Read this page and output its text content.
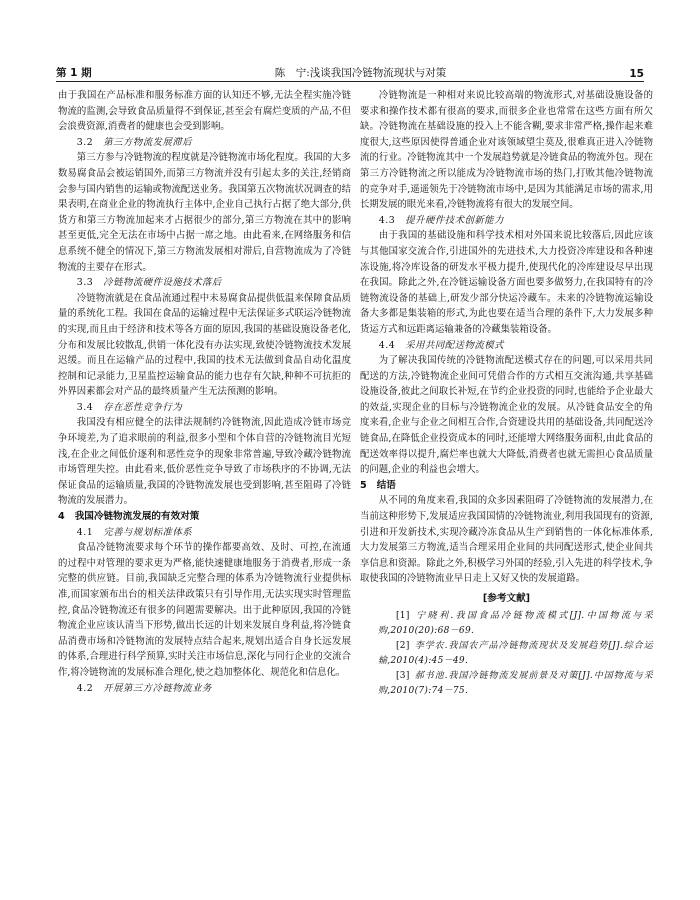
第 1 期	陈　宁:浅谈我国冷链物流现状与对策	15

由于我国在产品标准和服务标准方面的认知还不够,无法全程实施冷链物流的监测,会导致食品质量得不到保证,甚至会有腐烂变质的产品,不但会浪费资源,消费者的健康也会受到影响。

3.2 第三方物流发展滞后

第三方参与冷链物流的程度就是冷链物流市场化程度。我国的大多数易腐食品会被运销国外,而第三方物流并没有引起太多的关注,经销商会参与国内销售的运输或物流配送业务。我国第五次物流状况调查的结果表明,在商业企业的物流执行主体中,企业自己执行占据了绝大部分,供货方和第三方物流加起来才占据很少的部分,第三方物流在其中的影响甚至更低,完全无法在市场中占据一席之地。由此看来,在网络服务和信息系统不健全的情况下,第三方物流发展相对滞后,自营物流成为了冷链物流的主要存在形式。

3.3 冷链物流硬件设施技术落后

冷链物流就是在食品流通过程中未易腐食品提供低温来保障食品质量的系统化工程。我国在食品的运输过程中无法保证多式联运冷链物流的实现,而且由于经济和技术等各方面的原因,我国的基础设施设备老化,分布和发展比较散乱,供销一体化没有办法实现,致使冷链物流技术发展迟缓。而且在运输产品的过程中,我国的技术无法做到食品自动化温度控制和记录能力,卫星监控运输食品的能力也存有欠缺,种种不可抗拒的外界因素都会对产品的最终质量产生无法预测的影响。

3.4 存在恶性竞争行为

我国没有相应健全的法律法规制约冷链物流,因此造成冷链市场竞争环境差,为了追求眼前的利益,很多小型和个体自营的冷链物流目光短浅,在企业之间低价逐利和恶性竞争的现象非常普遍,导致冷藏冷链物流市场管理失控。由此看来,低价恶性竞争导致了市场秩序的不协调,无法保证食品的运输质量,我国的冷链物流发展也受到影响,甚至阻碍了冷链物流的发展潜力。

4 我国冷链物流发展的有效对策

4.1 完善与规划标准体系

食品冷链物流要求每个环节的操作都要高效、及时、可控,在流通的过程中对管理的要求更为严格,能快速健康地服务于消费者,形成一条完整的供应链。目前,我国缺乏完整合理的体系为冷链物流行业提供标准,而国家颁布出台的相关法律政策只有引导作用,无法实现实时管理监控,食品冷链物流还有很多的问题需要解决。出于此种原因,我国的冷链物流企业应该认清当下形势,做出长远的计划来发展自身利益,将冷链食品消费市场和冷链物流的发展特点结合起来,规划出适合自身长远发展的体系,合理进行科学预算,实时关注市场信息,深化与同行企业的交流合作,将冷链物流的发展标准合理化,使之趋加整体化、规范化和信息化。

4.2 开展第三方冷链物流业务

冷链物流是一种相对来说比较高端的物流形式,对基础设施设备的要求和操作技术都有很高的要求,而很多企业也常常在这些方面有所欠缺。冷链物流在基础设施的投入上不能含糊,要求非常严格,操作起来难度很大,这些原因使得普通企业对该领域望尘莫及,很难真正进入冷链物流的行业。冷链物流其中一个发展趋势就是冷链食品的物流外包。现在第三方冷链物流之所以能成为冷链物流市场的热门,打败其他冷链物流的竞争对手,遥遥领先于冷链物流市场中,是因为其能满足市场的需求,用长期发展的眼光来看,冷链物流将有很大的发展空间。

4.3 提升硬件技术创新能力

由于我国的基础设施和科学技术相对外国来说比较落后,因此应该与其他国家交流合作,引进国外的先进技术,大力投资冷库建设和各种速冻设施,将冷库设备的研发水平极力提升,使现代化的冷库建设尽早出现在我国。除此之外,在冷链运输设备方面也要多做努力,在我国特有的冷链物流设备的基础上,研发少部分快运冷藏车。未来的冷链物流运输设备大多都是集装箱的形式,为此也要在适当合理的条件下,大力发展多种货运方式和远距离运输兼备的冷藏集装箱设备。

4.4 采用共同配送物流模式

为了解决我国传统的冷链物流配送模式存在的问题,可以采用共同配送的方法,冷链物流企业间可凭借合作的方式相互交流沟通,共享基础设施设备,彼此之间取长补短,在节约企业投资的同时,也能给予企业最大的效益,实现企业的目标与冷链物流企业的发展。从冷链食品安全的角度来看,企业与企业之间相互合作,合资建设共用的基础设备,共同配送冷链食品,在降低企业投资成本的同时,还能增大网络服务面积,由此食品的配送效率得以提升,腐烂率也就大大降低,消费者也就无需担心食品质量的问题,企业的利益也会增大。

5 结语

从不同的角度来看,我国的众多因素阻碍了冷链物流的发展潜力,在当前这种形势下,发展适应我国国情的冷链物流业,利用我国现有的资源,引进和开发新技术,实现冷藏冷冻食品从生产到销售的一体化标准体系,大力发展第三方物流,适当合理采用企业间的共同配送形式,使企业间共享信息和资源。除此之外,积极学习外国的经验,引入先进的科学技术,争取使我国的冷链物流业早日走上又好又快的发展道路。

[参考文献]

[1] 宁晓利.我国食品冷链物流模式[J].中国物流与采购,2010(20):68－69.

[2] 李学农.我国农产品冷链物流现状及发展趋势[J].综合运输,2010(4):45－49.

[3] 郝书池.我国冷链物流发展前景及对策[J].中国物流与采购,2010(7):74－75.
